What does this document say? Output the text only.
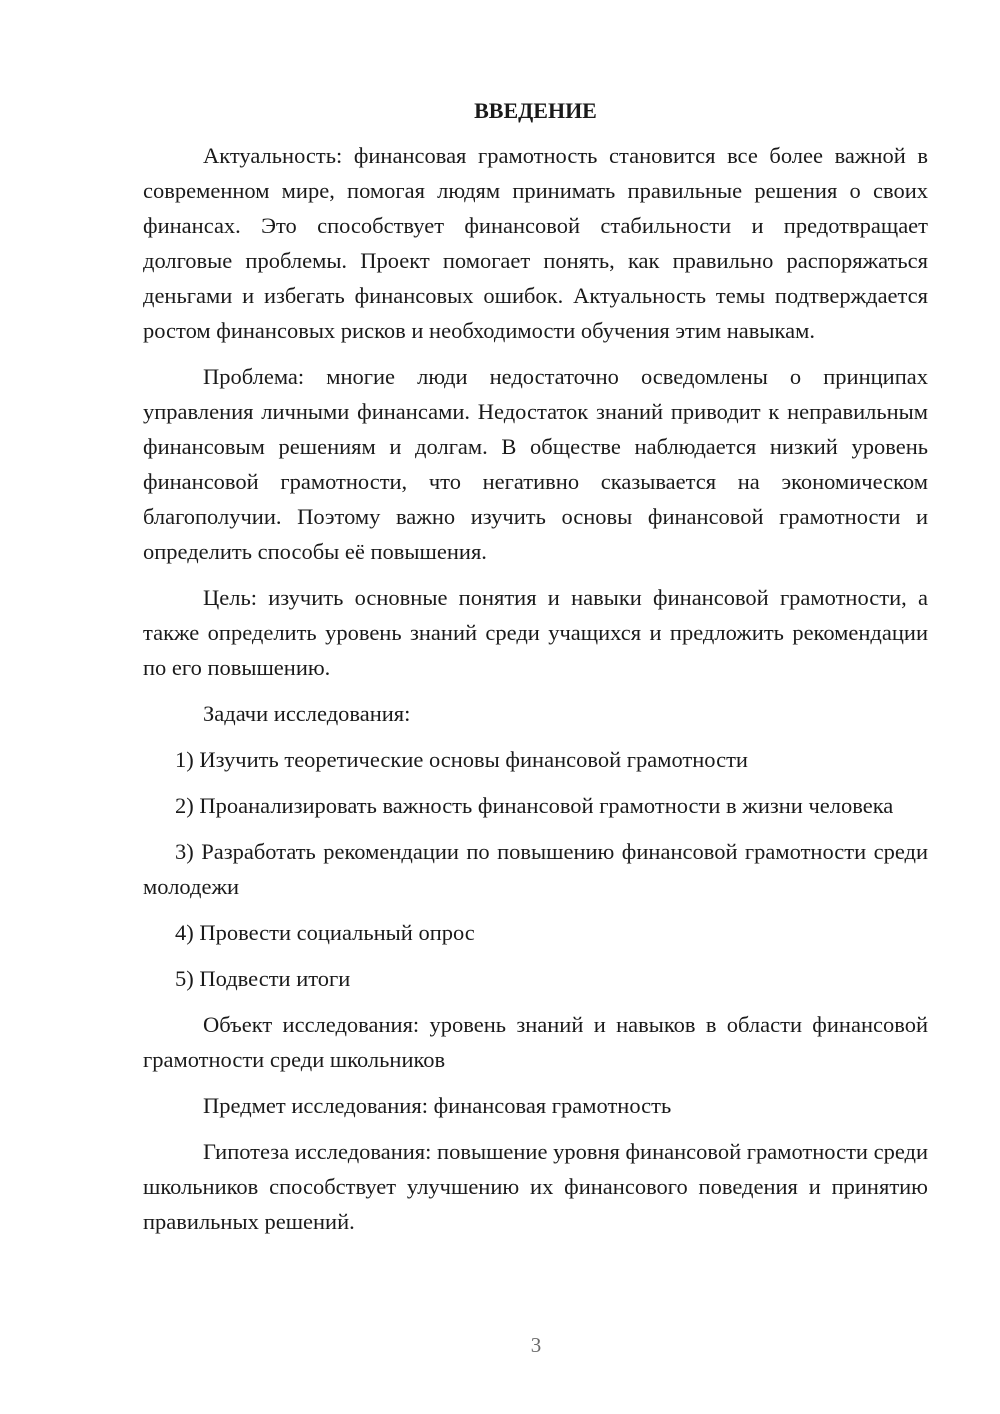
ВВЕДЕНИЕ

Актуальность: финансовая грамотность становится все более важной в современном мире, помогая людям принимать правильные решения о своих финансах. Это способствует финансовой стабильности и предотвращает долговые проблемы. Проект помогает понять, как правильно распоряжаться деньгами и избегать финансовых ошибок. Актуальность темы подтверждается ростом финансовых рисков и необходимости обучения этим навыкам.

Проблема: многие люди недостаточно осведомлены о принципах управления личными финансами. Недостаток знаний приводит к неправильным финансовым решениям и долгам. В обществе наблюдается низкий уровень финансовой грамотности, что негативно сказывается на экономическом благополучии. Поэтому важно изучить основы финансовой грамотности и определить способы её повышения.

Цель: изучить основные понятия и навыки финансовой грамотности, а также определить уровень знаний среди учащихся и предложить рекомендации по его повышению.

Задачи исследования:

1) Изучить теоретические основы финансовой грамотности

2) Проанализировать важность финансовой грамотности в жизни человека

3) Разработать рекомендации по повышению финансовой грамотности среди молодежи

4) Провести социальный опрос

5) Подвести итоги

Объект исследования: уровень знаний и навыков в области финансовой грамотности среди школьников

Предмет исследования: финансовая грамотность

Гипотеза исследования: повышение уровня финансовой грамотности среди школьников способствует улучшению их финансового поведения и принятию правильных решений.

3
